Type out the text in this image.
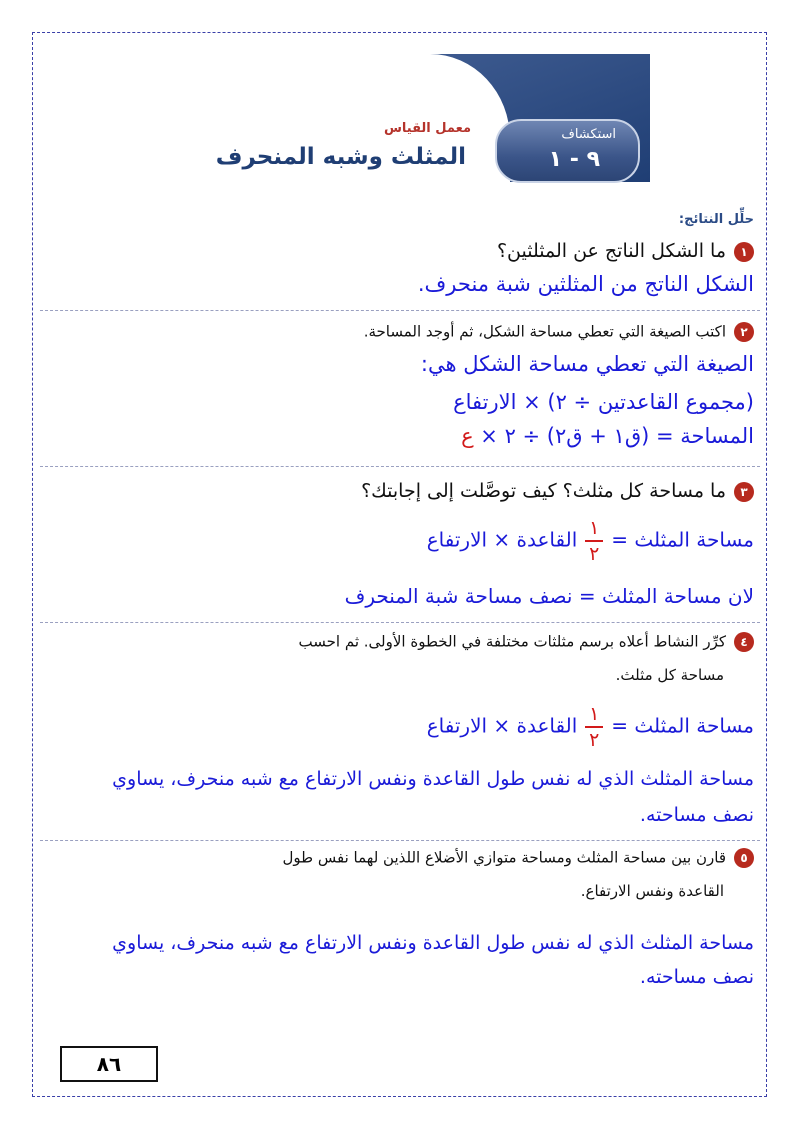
استكشاف
٩ - ١
معمل القياس
المثلث وشبه المنحرف
حلِّل النتائج:
١ما الشكل الناتج عن المثلثين؟
الشكل الناتج من المثلثين شبة منحرف.
٢اكتب الصيغة التي تعطي مساحة الشكل، ثم أوجد المساحة.
الصيغة التي تعطي مساحة الشكل هي:
(مجموع القاعدتين ÷ ٢) × الارتفاع
المساحة = (ق١ + ق٢) ÷ ٢ × ع
٣ما مساحة كل مثلث؟ كيف توصَّلت إلى إجابتك؟
مساحة المثلث $=\frac{١}{٢}القاعدة$ × الارتفاع
لان مساحة المثلث = نصف مساحة شبة المنحرف
٤كرِّر النشاط أعلاه برسم مثلثات مختلفة في الخطوة الأولى. ثم احسب
مساحة كل مثلث.
مساحة المثلث $=\frac{١}{٢}القاعدة$ × الارتفاع
مساحة المثلث الذي له نفس طول القاعدة ونفس الارتفاع مع شبه منحرف، يساوي
نصف مساحته.
٥قارن بين مساحة المثلث ومساحة متوازي الأضلاع اللذين لهما نفس طول
القاعدة ونفس الارتفاع.
مساحة المثلث الذي له نفس طول القاعدة ونفس الارتفاع مع شبه منحرف، يساوي
نصف مساحته.
٨٦
